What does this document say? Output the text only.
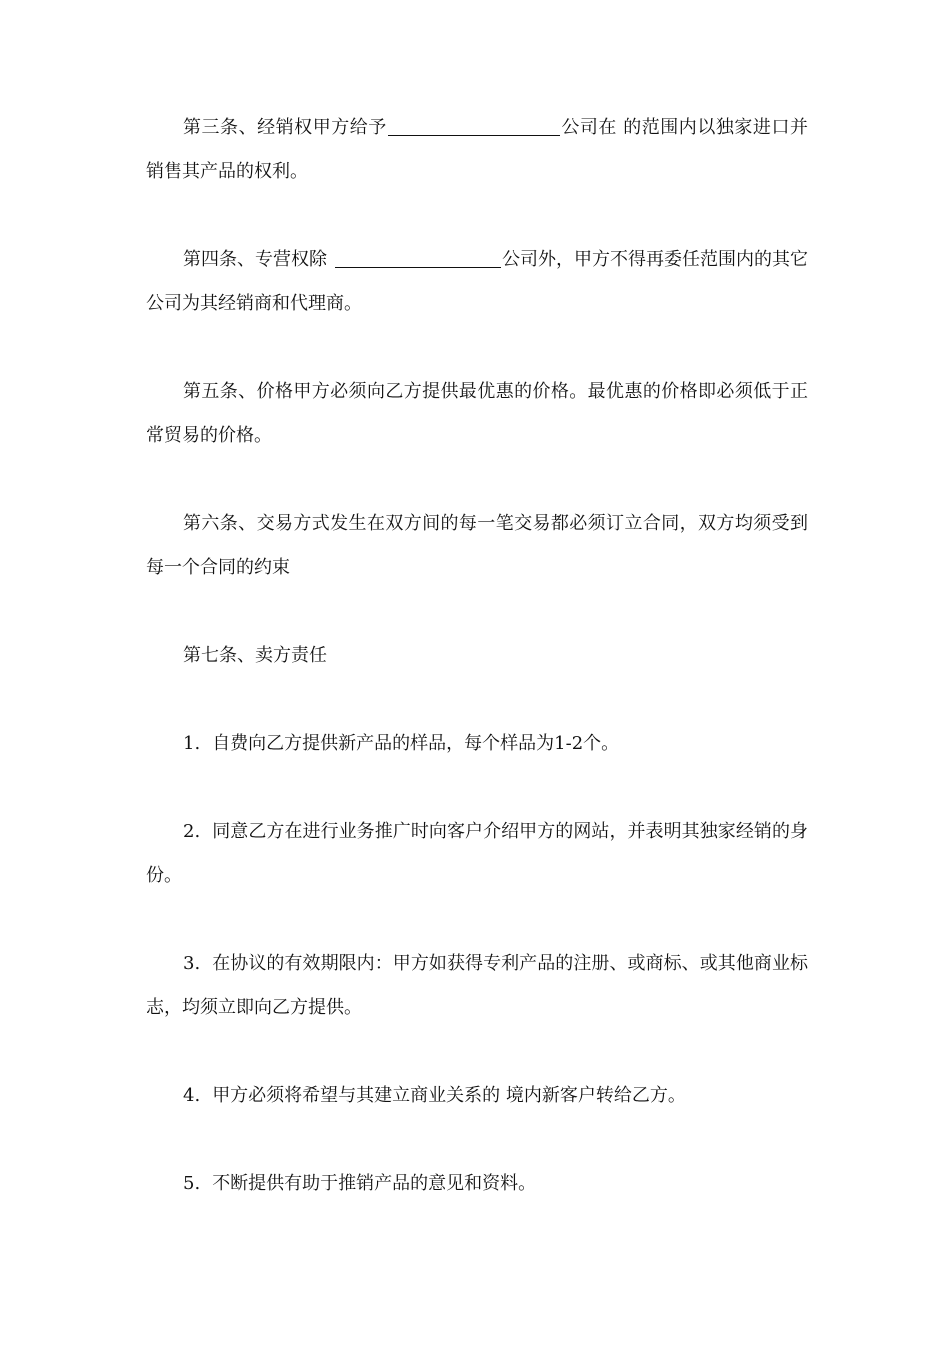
第三条、经销权甲方给予	公司在 的范围内以独家进口并销售其产品的权利。

第四条、专营权除	公司外，甲方不得再委任范围内的其它公司为其经销商和代理商。

第五条、价格甲方必须向乙方提供最优惠的价格。最优惠的价格即必须低于正常贸易的价格。

第六条、交易方式发生在双方间的每一笔交易都必须订立合同，双方均须受到每一个合同的约束

第七条、卖方责任

1. 自费向乙方提供新产品的样品，每个样品为1-2个。

2. 同意乙方在进行业务推广时向客户介绍甲方的网站，并表明其独家经销的身份。

3. 在协议的有效期限内：甲方如获得专利产品的注册、或商标、或其他商业标志，均须立即向乙方提供。

4. 甲方必须将希望与其建立商业关系的 境内新客户转给乙方。

5. 不断提供有助于推销产品的意见和资料。
